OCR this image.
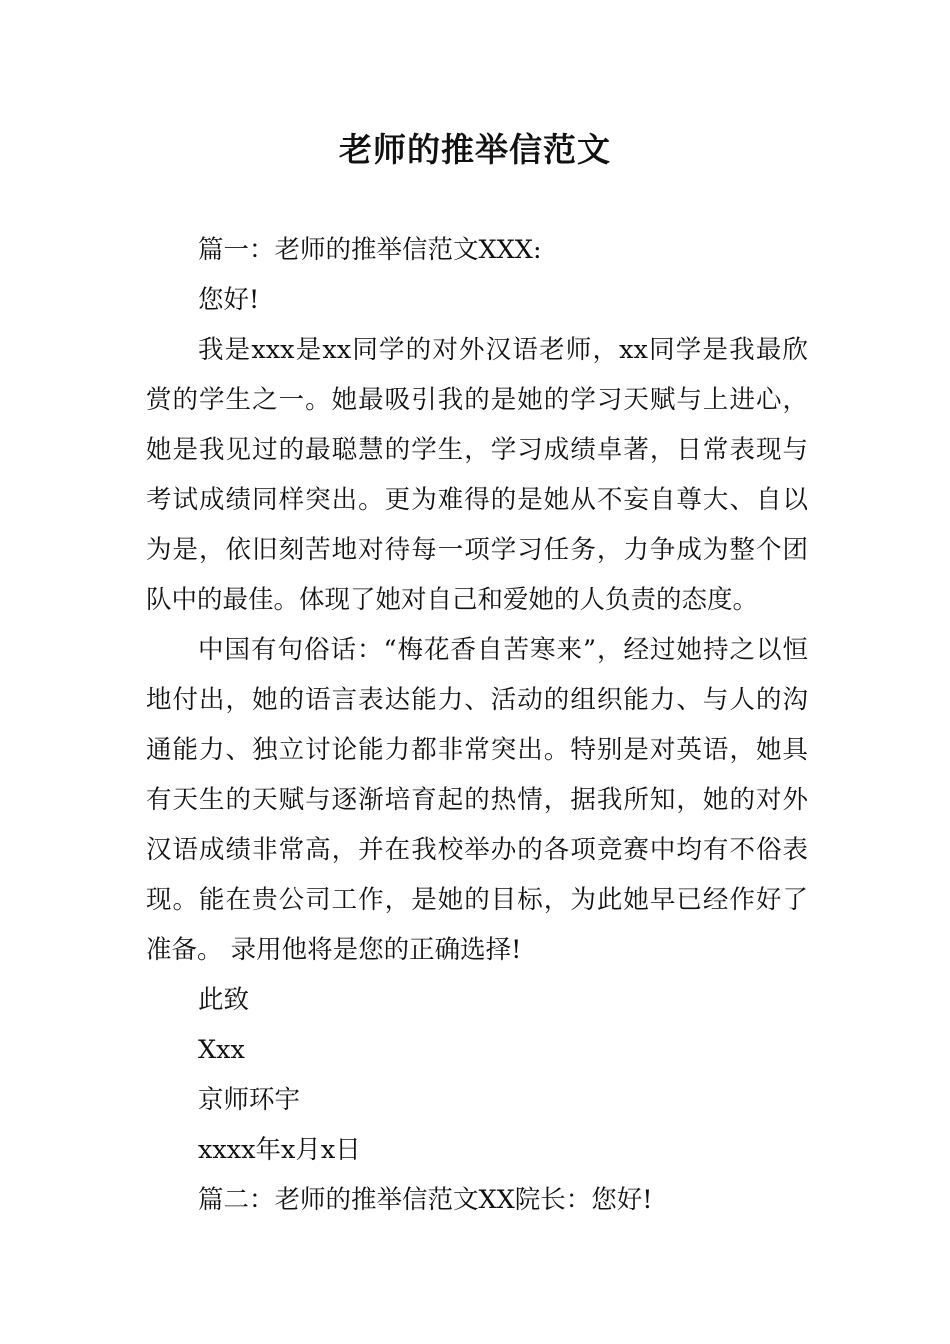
老师的推举信范文

篇一：老师的推举信范文XXX:

您好!

我是xxx是xx同学的对外汉语老师，xx同学是我最欣赏的学生之一。她最吸引我的是她的学习天赋与上进心，她是我见过的最聪慧的学生，学习成绩卓著，日常表现与考试成绩同样突出。更为难得的是她从不妄自尊大、自以为是，依旧刻苦地对待每一项学习任务，力争成为整个团队中的最佳。体现了她对自己和爱她的人负责的态度。

中国有句俗话：“梅花香自苦寒来”，经过她持之以恒地付出，她的语言表达能力、活动的组织能力、与人的沟通能力、独立讨论能力都非常突出。特别是对英语，她具有天生的天赋与逐渐培育起的热情，据我所知，她的对外汉语成绩非常高，并在我校举办的各项竞赛中均有不俗表现。能在贵公司工作，是她的目标，为此她早已经作好了准备。 录用他将是您的正确选择!

此致

Xxx

京师环宇

xxxx年x月x日

篇二：老师的推举信范文XX院长：您好!
